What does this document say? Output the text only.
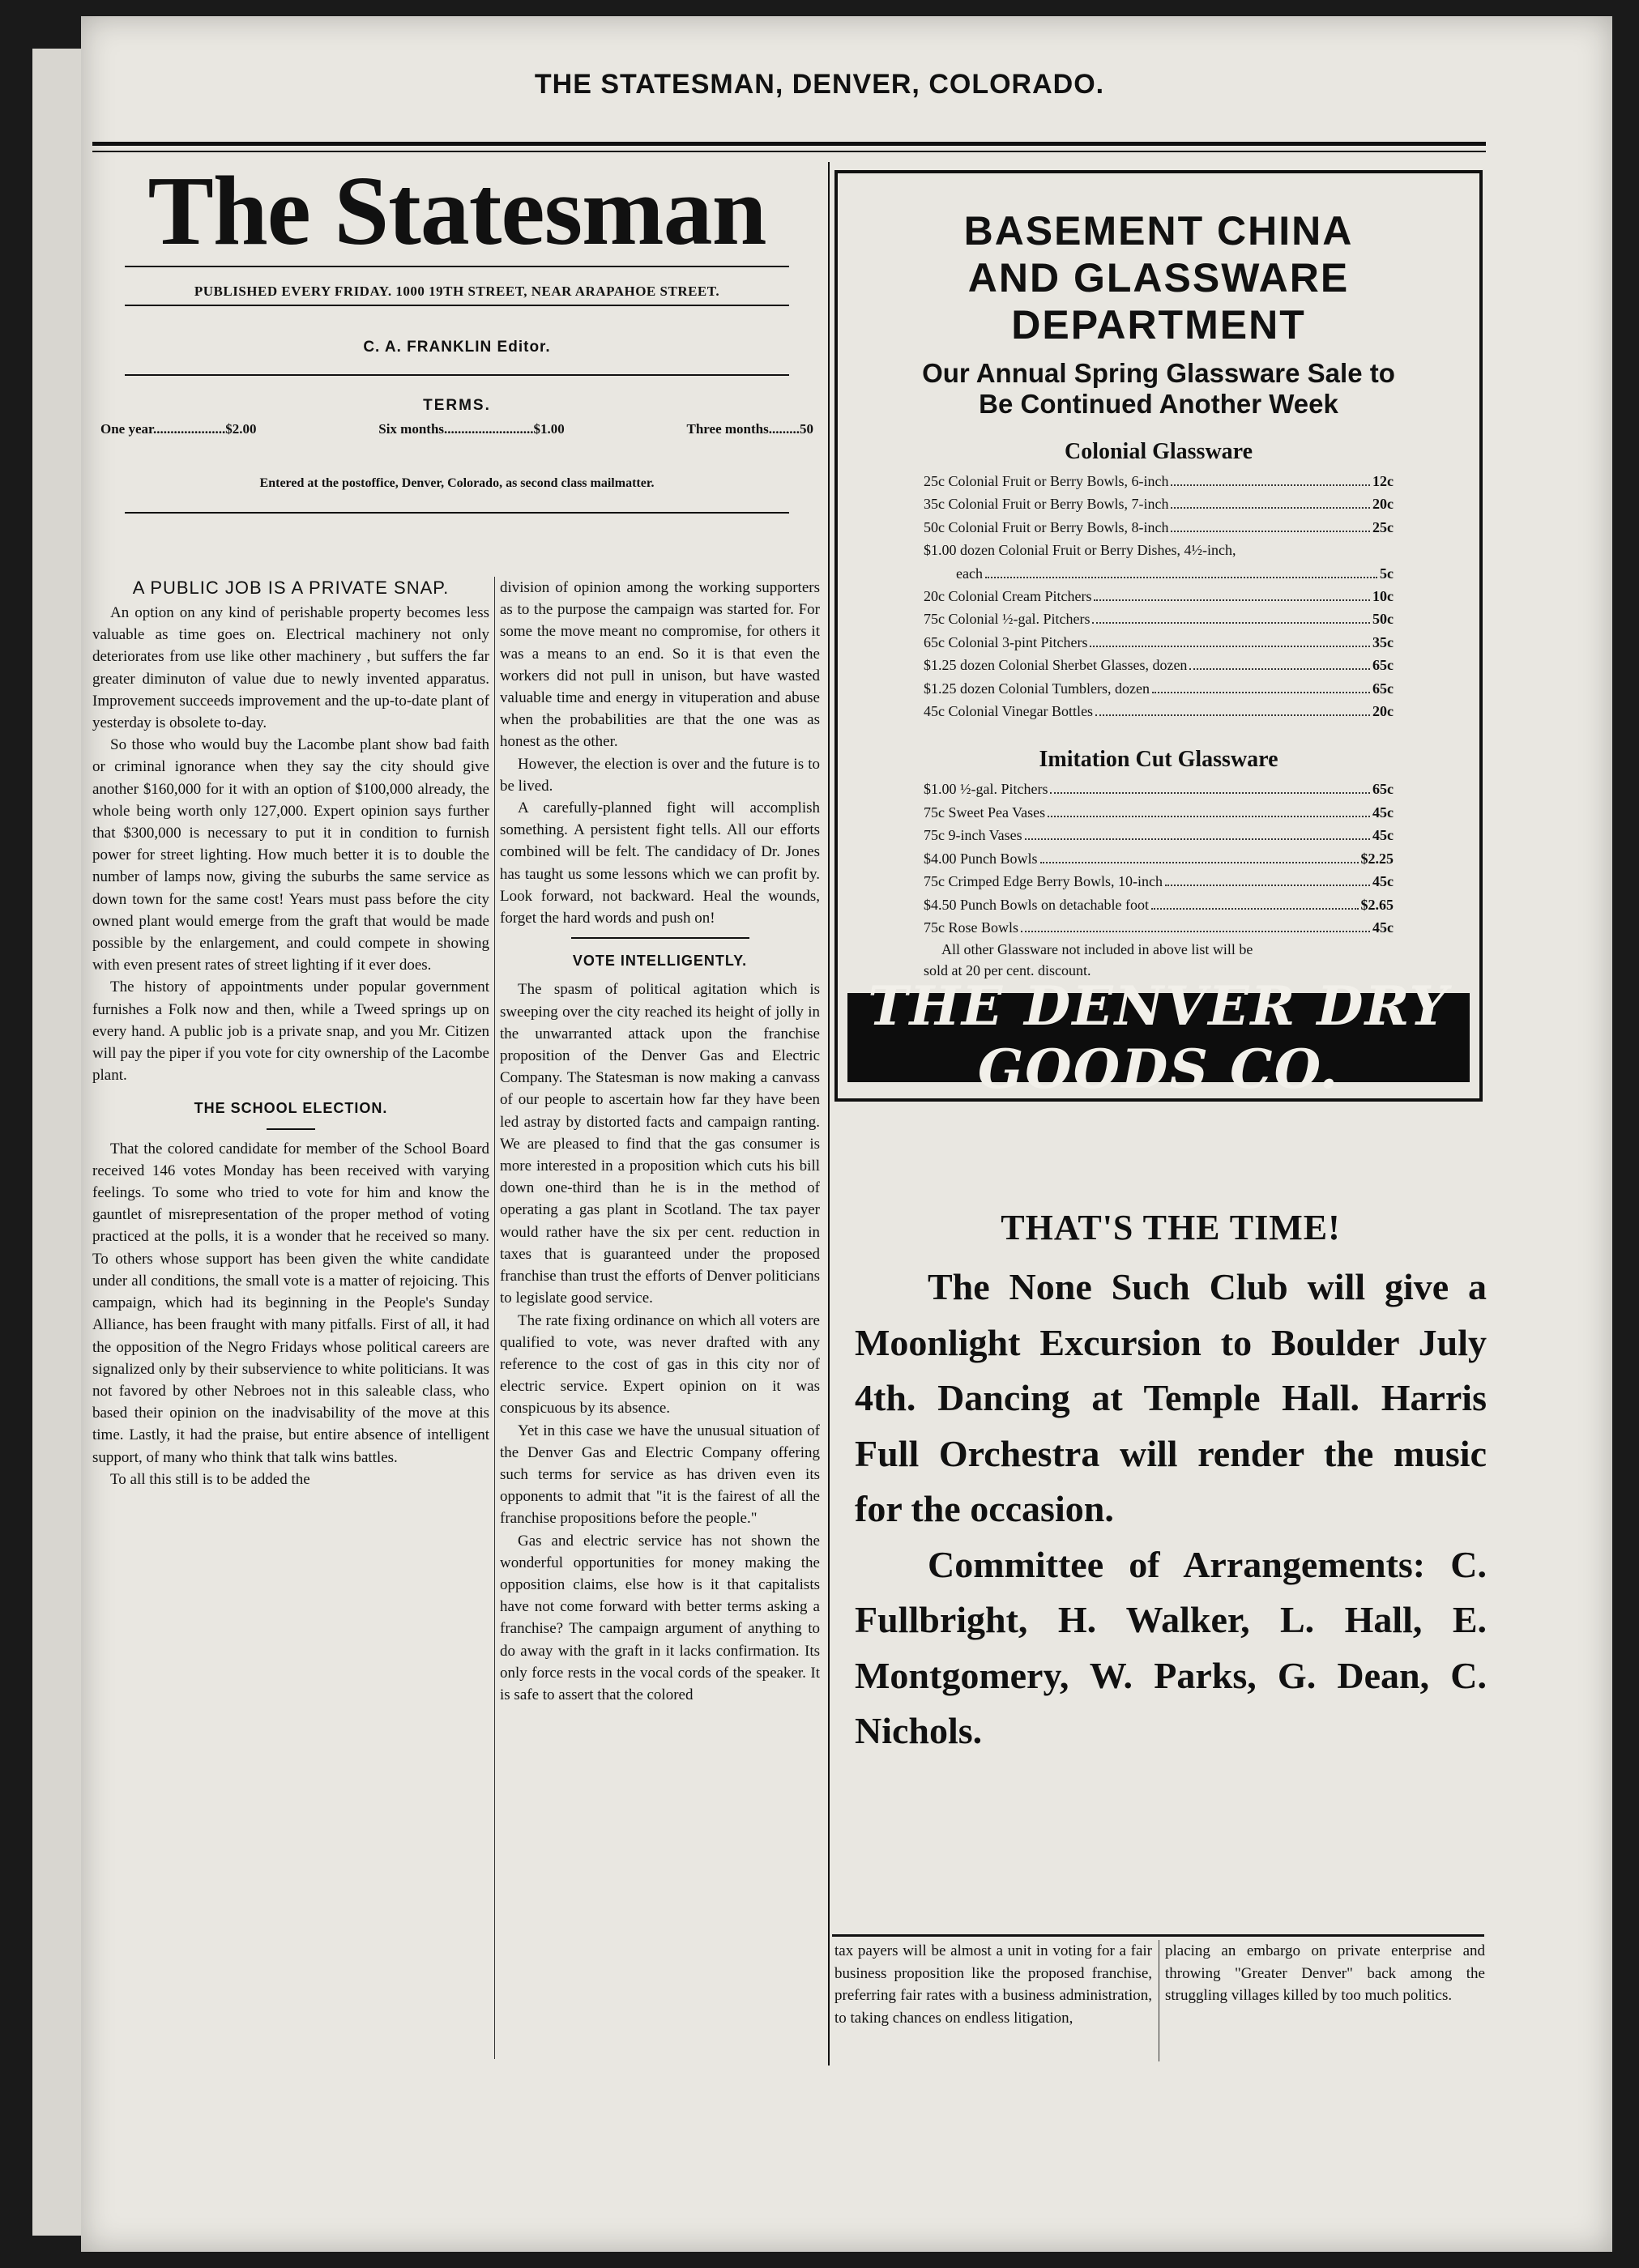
THE STATESMAN, DENVER, COLORADO.
The Statesman
PUBLISHED EVERY FRIDAY. 1000 19TH STREET, NEAR ARAPAHOE STREET.
C. A. FRANKLIN Editor.
TERMS.
One year.....................$2.00	Six months..........................$1.00	Three months.........50
Entered at the postoffice, Denver, Colorado, as second class mailmatter.
A PUBLIC JOB IS A PRIVATE SNAP.

An option on any kind of perishable property becomes less valuable as time goes on. Electrical machinery not only deteriorates from use like other machinery , but suffers the far greater diminuton of value due to newly invented apparatus. Improvement succeeds improvement and the up-to-date plant of yesterday is obsolete to-day.

So those who would buy the Lacombe plant show bad faith or criminal ignorance when they say the city should give another $160,000 for it with an option of $100,000 already, the whole being worth only 127,000. Expert opinion says further that $300,000 is necessary to put it in condition to furnish power for street lighting. How much better it is to double the number of lamps now, giving the suburbs the same service as down town for the same cost! Years must pass before the city owned plant would emerge from the graft that would be made possible by the enlargement, and could compete in showing with even present rates of street lighting if it ever does.

The history of appointments under popular government furnishes a Folk now and then, while a Tweed springs up on every hand. A public job is a private snap, and you Mr. Citizen will pay the piper if you vote for city ownership of the Lacombe plant.

THE SCHOOL ELECTION.

That the colored candidate for member of the School Board received 146 votes Monday has been received with varying feelings. To some who tried to vote for him and know the gauntlet of misrepresentation of the proper method of voting practiced at the polls, it is a wonder that he received so many. To others whose support has been given the white candidate under all conditions, the small vote is a matter of rejoicing. This campaign, which had its beginning in the People's Sunday Alliance, has been fraught with many pitfalls. First of all, it had the opposition of the Negro Fridays whose political careers are signalized only by their subservience to white politicians. It was not favored by other Nebroes not in this saleable class, who based their opinion on the inadvisability of the move at this time. Lastly, it had the praise, but entire absence of intelligent support, of many who think that talk wins battles.

To all this still is to be added the

division of opinion among the working supporters as to the purpose the campaign was started for. For some the move meant no compromise, for others it was a means to an end. So it is that even the workers did not pull in unison, but have wasted valuable time and energy in vituperation and abuse when the probabilities are that the one was as honest as the other.

However, the election is over and the future is to be lived.

A carefully-planned fight will accomplish something. A persistent fight tells. All our efforts combined will be felt. The candidacy of Dr. Jones has taught us some lessons which we can profit by. Look forward, not backward. Heal the wounds, forget the hard words and push on!

VOTE INTELLIGENTLY.

The spasm of political agitation which is sweeping over the city reached its height of jolly in the unwarranted attack upon the franchise proposition of the Denver Gas and Electric Company. The Statesman is now making a canvass of our people to ascertain how far they have been led astray by distorted facts and campaign ranting. We are pleased to find that the gas consumer is more interested in a proposition which cuts his bill down one-third than he is in the method of operating a gas plant in Scotland. The tax payer would rather have the six per cent. reduction in taxes that is guaranteed under the proposed franchise than trust the efforts of Denver politicians to legislate good service.

The rate fixing ordinance on which all voters are qualified to vote, was never drafted with any reference to the cost of gas in this city nor of electric service. Expert opinion on it was conspicuous by its absence.

Yet in this case we have the unusual situation of the Denver Gas and Electric Company offering such terms for service as has driven even its opponents to admit that "it is the fairest of all the franchise propositions before the people."

Gas and electric service has not shown the wonderful opportunities for money making the opposition claims, else how is it that capitalists have not come forward with better terms asking a franchise? The campaign argument of anything to do away with the graft in it lacks confirmation. Its only force rests in the vocal cords of the speaker. It is safe to assert that the colored

BASEMENT CHINA
AND GLASSWARE
DEPARTMENT
Our Annual Spring Glassware Sale to
Be Continued Another Week
Colonial Glassware
25c Colonial Fruit or Berry Bowls, 6-inch	12c
35c Colonial Fruit or Berry Bowls, 7-inch	20c
50c Colonial Fruit or Berry Bowls, 8-inch	25c
$1.00 dozen Colonial Fruit or Berry Dishes, 4½-inch,
each	5c
20c Colonial Cream Pitchers	10c
75c Colonial ½-gal. Pitchers	50c
65c Colonial 3-pint Pitchers	35c
$1.25 dozen Colonial Sherbet Glasses, dozen	65c
$1.25 dozen Colonial Tumblers, dozen	65c
45c Colonial Vinegar Bottles	20c
Imitation Cut Glassware
$1.00 ½-gal. Pitchers	65c
75c Sweet Pea Vases	45c
75c 9-inch Vases	45c
$4.00 Punch Bowls	$2.25
75c Crimped Edge Berry Bowls, 10-inch	45c
$4.50 Punch Bowls on detachable foot	$2.65
75c Rose Bowls	45c
All other Glassware not included in above list will be
sold at 20 per cent. discount.
THE DENVER DRY GOODS CO.
THAT'S THE TIME!

The None Such Club will give a Moonlight Excursion to Boulder July 4th. Dancing at Temple Hall. Harris Full Orchestra will render the music for the occasion.

Committee of Arrangements: C. Fullbright, H. Walker, L. Hall, E. Montgomery, W. Parks, G. Dean, C. Nichols.

tax payers will be almost a unit in voting for a fair business proposition like the proposed franchise, preferring fair rates with a business administration, to taking chances on endless litigation,
placing an embargo on private enterprise and throwing "Greater Denver" back among the struggling villages killed by too much politics.
